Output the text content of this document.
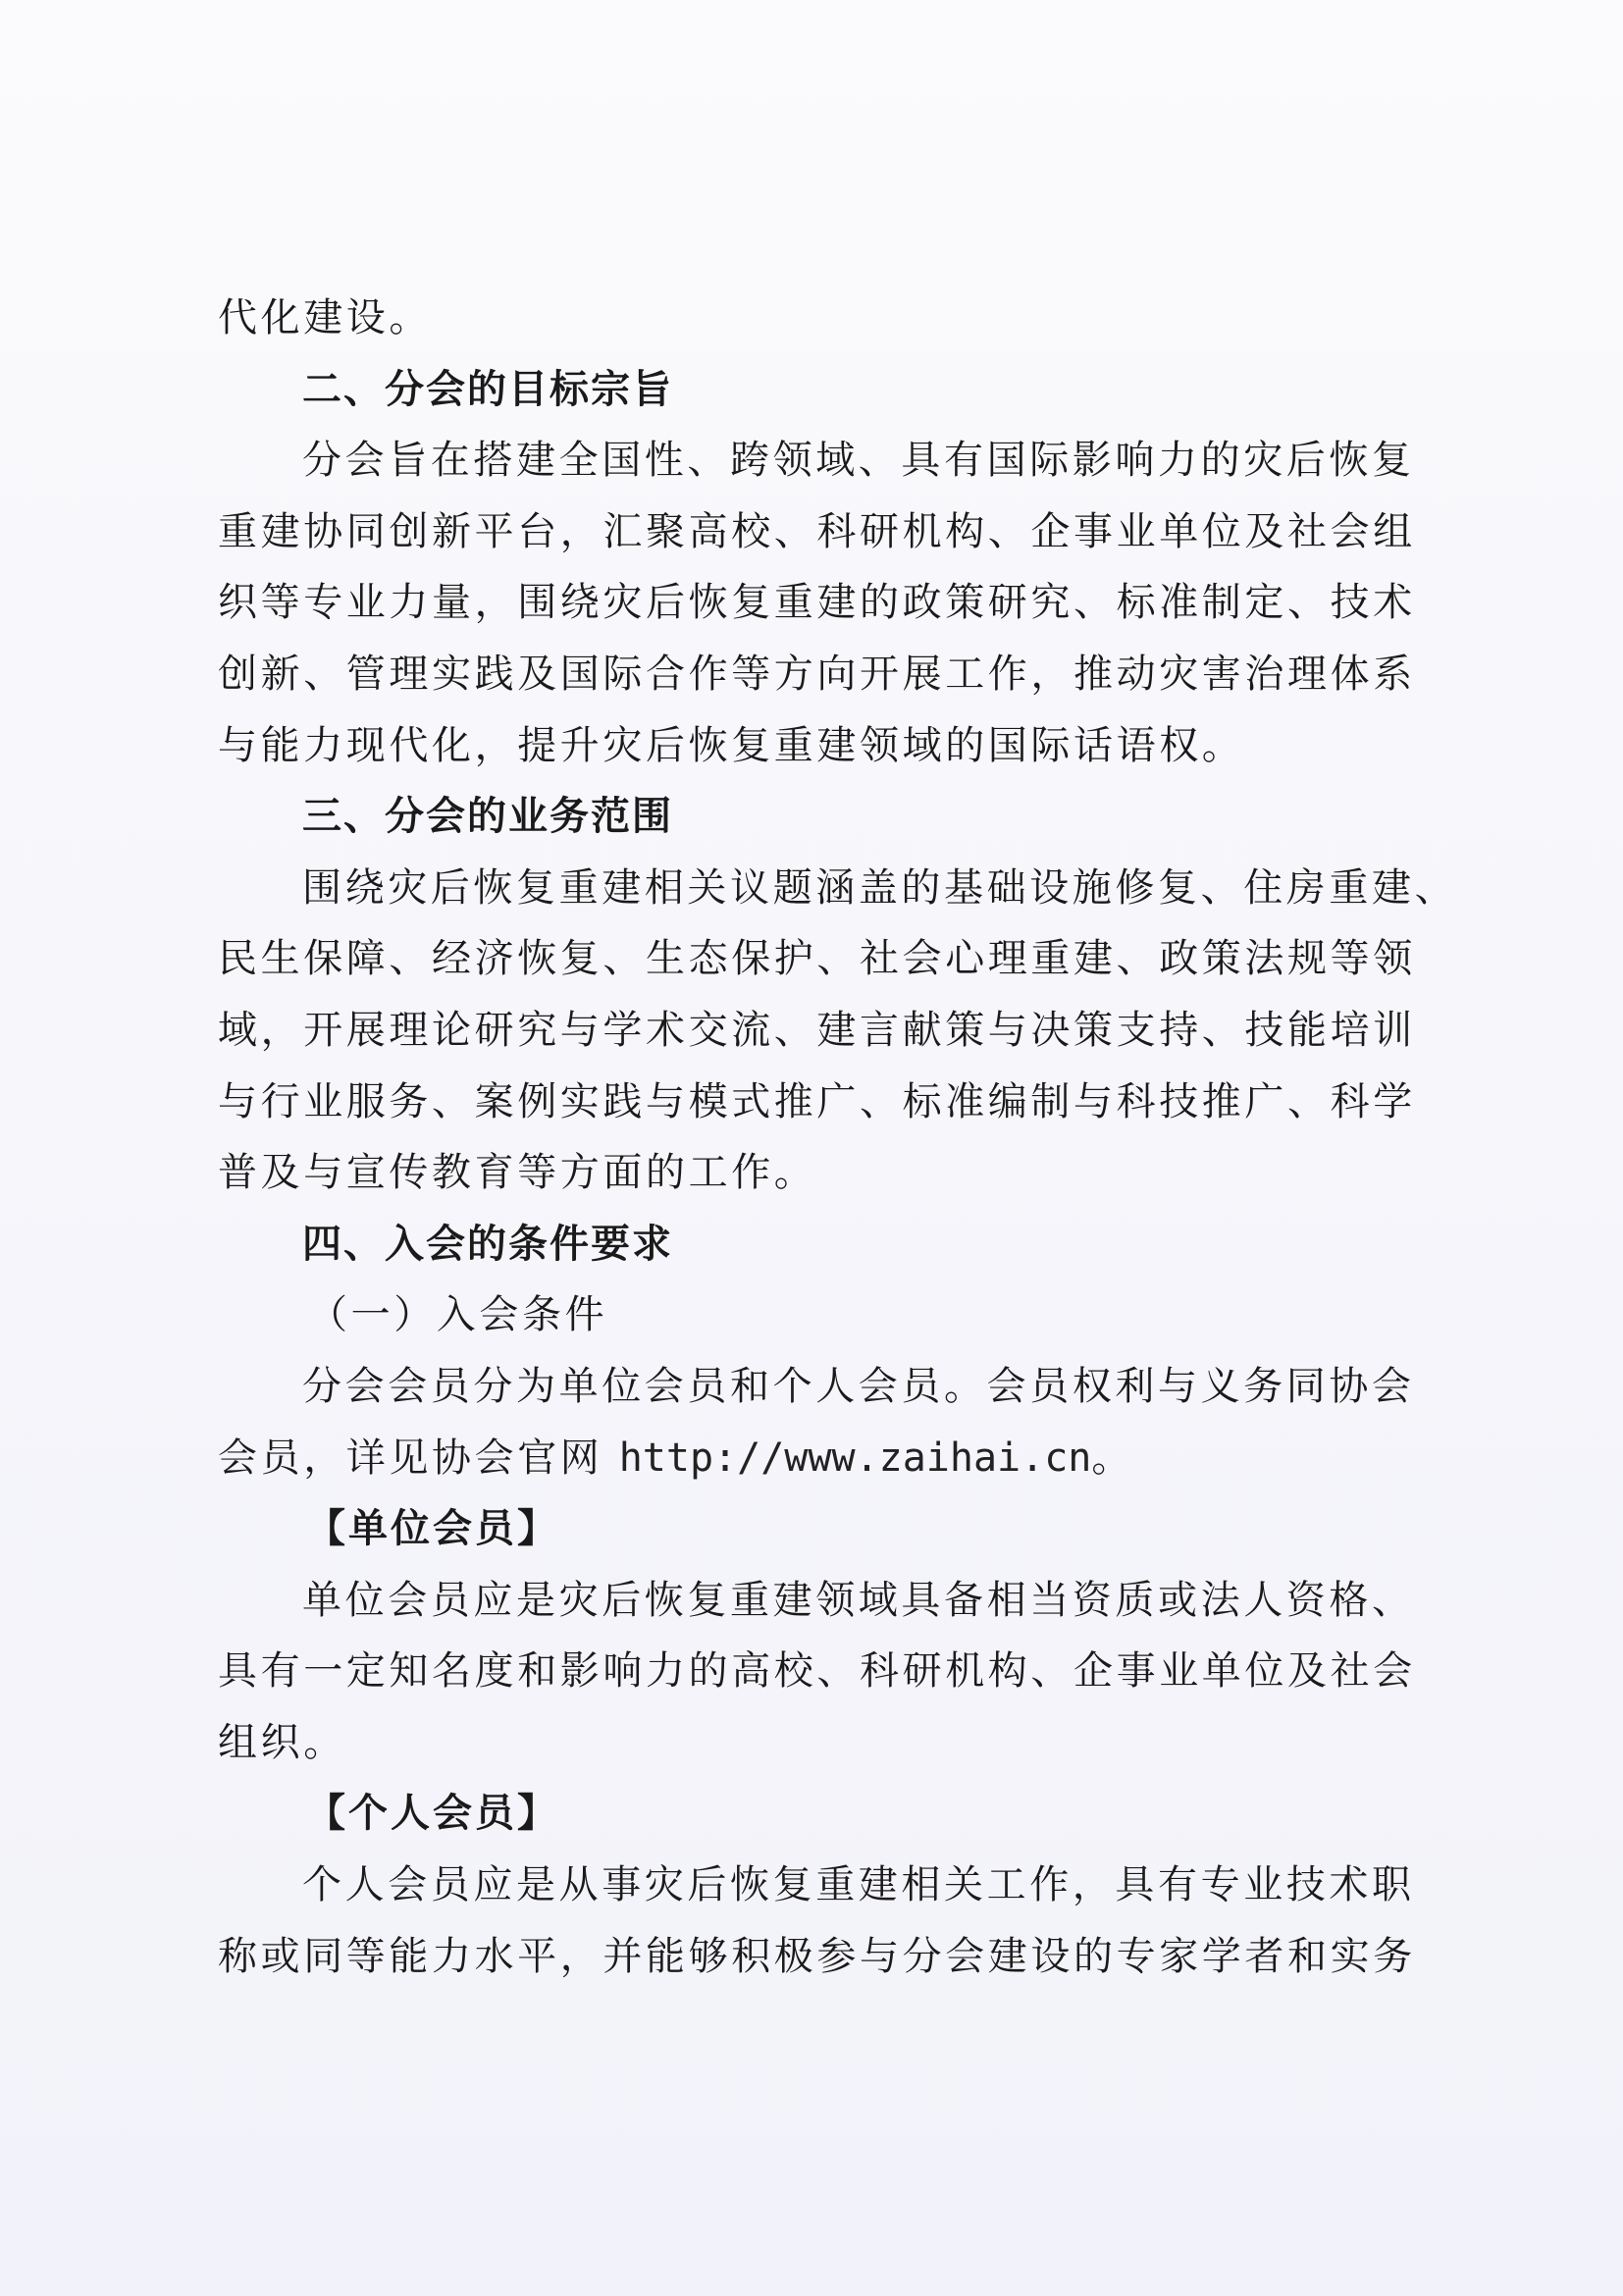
代化建设。
二、分会的目标宗旨
分会旨在搭建全国性、跨领域、具有国际影响力的灾后恢复
重建协同创新平台，汇聚高校、科研机构、企事业单位及社会组
织等专业力量，围绕灾后恢复重建的政策研究、标准制定、技术
创新、管理实践及国际合作等方向开展工作，推动灾害治理体系
与能力现代化，提升灾后恢复重建领域的国际话语权。
三、分会的业务范围
围绕灾后恢复重建相关议题涵盖的基础设施修复、住房重建、
民生保障、经济恢复、生态保护、社会心理重建、政策法规等领
域，开展理论研究与学术交流、建言献策与决策支持、技能培训
与行业服务、案例实践与模式推广、标准编制与科技推广、科学
普及与宣传教育等方面的工作。
四、入会的条件要求
（一）入会条件
分会会员分为单位会员和个人会员。会员权利与义务同协会
会员，详见协会官网 http://www.zaihai.cn。
【单位会员】
单位会员应是灾后恢复重建领域具备相当资质或法人资格、
具有一定知名度和影响力的高校、科研机构、企事业单位及社会
组织。
【个人会员】
个人会员应是从事灾后恢复重建相关工作，具有专业技术职
称或同等能力水平，并能够积极参与分会建设的专家学者和实务
